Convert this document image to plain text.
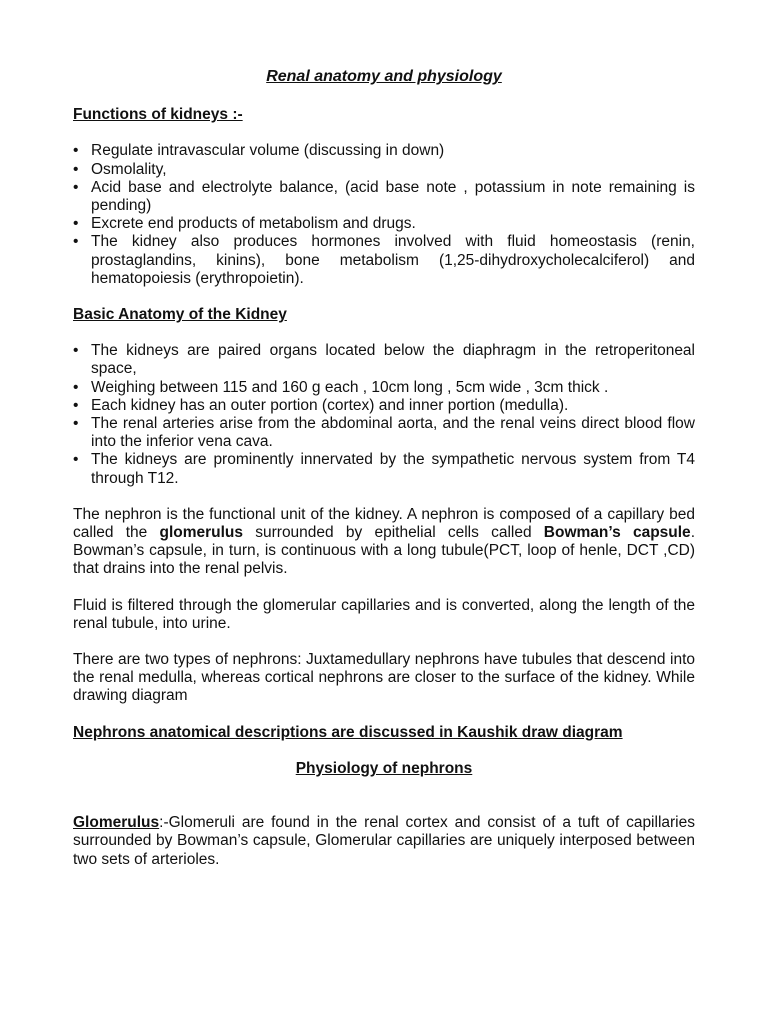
Renal anatomy and physiology
Functions of kidneys :-
• Regulate intravascular volume (discussing in down)
• Osmolality,
• Acid base and electrolyte balance, (acid base note , potassium in note remaining is pending)
• Excrete end products of metabolism and drugs.
• The kidney also produces hormones involved with fluid homeostasis (renin, prostaglandins, kinins), bone metabolism (1,25-dihydroxycholecalciferol) and hematopoiesis (erythropoietin).
Basic Anatomy of the Kidney
• The kidneys are paired organs located below the diaphragm in the retroperitoneal space,
• Weighing between 115 and 160 g each , 10cm long , 5cm wide , 3cm thick .
• Each kidney has an outer portion (cortex) and inner portion (medulla).
• The renal arteries arise from the abdominal aorta, and the renal veins direct blood flow into the inferior vena cava.
• The kidneys are prominently innervated by the sympathetic nervous system from T4 through T12.

The nephron is the functional unit of the kidney. A nephron is composed of a capillary bed called the glomerulus surrounded by epithelial cells called Bowman’s capsule. Bowman’s capsule, in turn, is continuous with a long tubule(PCT, loop of henle, DCT ,CD) that drains into the renal pelvis.

Fluid is filtered through the glomerular capillaries and is converted, along the length of the renal tubule, into urine.

There are two types of nephrons: Juxtamedullary nephrons have tubules that descend into the renal medulla, whereas cortical nephrons are closer to the surface of the kidney. While drawing diagram

Nephrons anatomical descriptions are discussed in Kaushik draw diagram
Physiology of nephrons

Glomerulus:-Glomeruli are found in the renal cortex and consist of a tuft of capillaries surrounded by Bowman’s capsule, Glomerular capillaries are uniquely interposed between two sets of arterioles.
